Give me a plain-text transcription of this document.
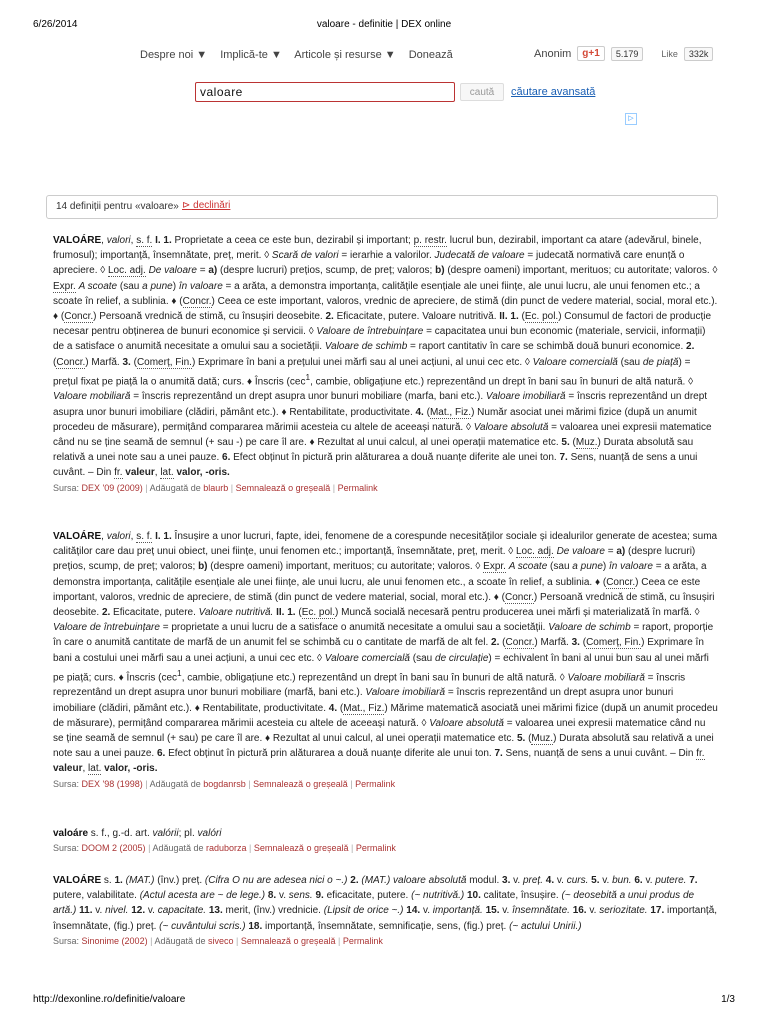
6/26/2014	valoare - definitie | DEX online
Despre noi ▼ Implică-te ▼ Articole și resurse ▼ Donează	Anonim	g+1	5.179	Like	332k
valoare
caută	căutare avansată
▷
14 definiții pentru «valoare» ⊳ declinări

VALOÁRE, valori, s. f. I. 1. Proprietate a ceea ce este bun, dezirabil și important; p. restr. lucrul bun, dezirabil, important ca atare (adevărul, binele, frumosul); importanță, însemnătate, preț, merit. ◊ Scară de valori = ierarhie a valorilor. Judecată de valoare = judecată normativă care enunță o apreciere. ◊ Loc. adj. De valoare = a) (despre lucruri) prețios, scump, de preț; valoros; b) (despre oameni) important, merituos; cu autoritate; valoros. ◊ Expr. A scoate (sau a pune) în valoare = a arăta, a demonstra importanța, calitățile esențiale ale unei ființe, ale unui lucru, ale unui fenomen etc.; a scoate în relief, a sublinia. ♦ (Concr.) Ceea ce este important, valoros, vrednic de apreciere, de stimă (din punct de vedere material, social, moral etc.). ♦ (Concr.) Persoană vrednică de stimă, cu însușiri deosebite. 2. Eficacitate, putere. Valoare nutritivă. II. 1. (Ec. pol.) Consumul de factori de producție necesar pentru obținerea de bunuri economice și servicii. ◊ Valoare de întrebuințare = capacitatea unui bun economic (materiale, servicii, informații) de a satisface o anumită necesitate a omului sau a societății. Valoare de schimb = raport cantitativ în care se schimbă două bunuri economice. 2. (Concr.) Marfă. 3. (Comerț, Fin.) Exprimare în bani a prețului unei mărfi sau al unei acțiuni, al unui cec etc. ◊ Valoare comercială (sau de piață) = prețul fixat pe piață la o anumită dată; curs. ♦ Înscris (cec$^1$, cambie, obligațiune etc.) reprezentând un drept în bani sau în bunuri de altă natură. ◊ Valoare mobiliară = înscris reprezentând un drept asupra unor bunuri mobiliare (marfa, bani etc.). Valoare imobiliară = înscris reprezentând un drept asupra unor bunuri imobiliare (clădiri, pământ etc.). ♦ Rentabilitate, productivitate. 4. (Mat., Fiz.) Număr asociat unei mărimi fizice (după un anumit procedeu de măsurare), permițând compararea mărimii acesteia cu altele de aceeași natură. ◊ Valoare absolută = valoarea unei expresii matematice când nu se ține seamă de semnul (+ sau -) pe care îl are. ♦ Rezultat al unui calcul, al unei operații matematice etc. 5. (Muz.) Durata absolută sau relativă a unei note sau a unei pauze. 6. Efect obținut în pictură prin alăturarea a două nuanțe diferite ale unei ton. 7. Sens, nuanță de sens a unui cuvânt. – Din fr. valeur, lat. valor, -oris.

Sursa: DEX '09 (2009) | Adăugată de blaurb | Semnalează o greșeală | Permalink

VALOÁRE, valori, s. f. I. 1. Însușire a unor lucruri, fapte, idei, fenomene de a corespunde necesităților sociale și idealurilor generate de acestea; suma calităților care dau preț unui obiect, unei ființe, unui fenomen etc.; importanță, însemnătate, preț, merit. ◊ Loc. adj. De valoare = a) (despre lucruri) prețios, scump, de preț; valoros; b) (despre oameni) important, merituos; cu autoritate; valoros. ◊ Expr. A scoate (sau a pune) în valoare = a arăta, a demonstra importanța, calitățile esențiale ale unei ființe, ale unui lucru, ale unui fenomen etc., a scoate în relief, a sublinia. ♦ (Concr.) Ceea ce este important, valoros, vrednic de apreciere, de stimă (din punct de vedere material, social, moral etc.). ♦ (Concr.) Persoană vrednică de stimă, cu însușiri deosebite. 2. Eficacitate, putere. Valoare nutritivă. II. 1. (Ec. pol.) Muncă socială necesară pentru producerea unei mărfi și materializată în marfă. ◊ Valoare de întrebuințare = proprietate a unui lucru de a satisface o anumită necesitate a omului sau a societății. Valoare de schimb = raport, proporție în care o anumită cantitate de marfă de un anumit fel se schimbă cu o cantitate de marfă de alt fel. 2. (Concr.) Marfă. 3. (Comerț, Fin.) Exprimare în bani a costului unei mărfi sau a unei acțiuni, a unui cec etc. ◊ Valoare comercială (sau de circulație) = echivalent în bani al unui bun sau al unei mărfi pe piață; curs. ♦ Înscris (cec$^1$, cambie, obligațiune etc.) reprezentând un drept în bani sau în bunuri de altă natură. ◊ Valoare mobiliară = înscris reprezentând un drept asupra unor bunuri mobiliare (marfă, bani etc.). Valoare imobiliară = înscris reprezentând un drept asupra unor bunuri imobiliare (clădiri, pământ etc.). ♦ Rentabilitate, productivitate. 4. (Mat., Fiz.) Mărime matematică asociată unei mărimi fizice (după un anumit procedeu de măsurare), permițând compararea mărimii acesteia cu altele de aceeași natură. ◊ Valoare absolută = valoarea unei expresii matematice când nu se ține seamă de semnul (+ sau) pe care îl are. ♦ Rezultat al unui calcul, al unei operații matematice etc. 5. (Muz.) Durata absolută sau relativă a unei note sau a unei pauze. 6. Efect obținut în pictură prin alăturarea a două nuanțe diferite ale unui ton. 7. Sens, nuanță de sens a unui cuvânt. – Din fr. valeur, lat. valor, -oris.

Sursa: DEX '98 (1998) | Adăugată de bogdanrsb | Semnalează o greșeală | Permalink

valoáre s. f., g.-d. art. valórii; pl. valóri

Sursa: DOOM 2 (2005) | Adăugată de raduborza | Semnalează o greșeală | Permalink

VALOÁRE s. 1. (MAT.) (înv.) preț. (Cifra O nu are adesea nici o ~.) 2. (MAT.) valoare absolută modul. 3. v. preț. 4. v. curs. 5. v. bun. 6. v. putere. 7. putere, valabilitate. (Actul acesta are ~ de lege.) 8. v. sens. 9. eficacitate, putere. (~ nutritivă.) 10. calitate, însușire. (~ deosebită a unui produs de artă.) 11. v. nivel. 12. v. capacitate. 13. merit, (înv.) vrednicie. (Lipsit de orice ~.) 14. v. importanță. 15. v. însemnătate. 16. v. seriozitate. 17. importanță, însemnătate, (fig.) preț. (~ cuvântului scris.) 18. importanță, însemnătate, semnificație, sens, (fig.) preț. (~ actului Unirii.)

Sursa: Sinonime (2002) | Adăugată de siveco | Semnalează o greșeală | Permalink
http://dexonline.ro/definitie/valoare	1/3
